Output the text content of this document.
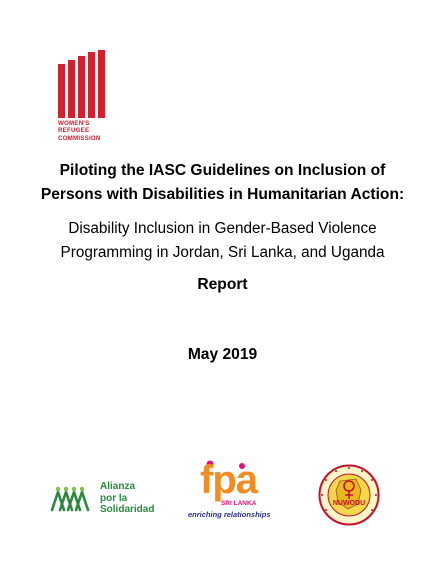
WOMEN'S
REFUGEE
COMMISSION
Piloting the IASC Guidelines on Inclusion of
Persons with Disabilities in Humanitarian Action:
Disability Inclusion in Gender-Based Violence
Programming in Jordan, Sri Lanka, and Uganda
Report
May 2019
Alianza
por la
Solidaridad
fpa
SRI LANKA
enriching relationships
NUWODU
